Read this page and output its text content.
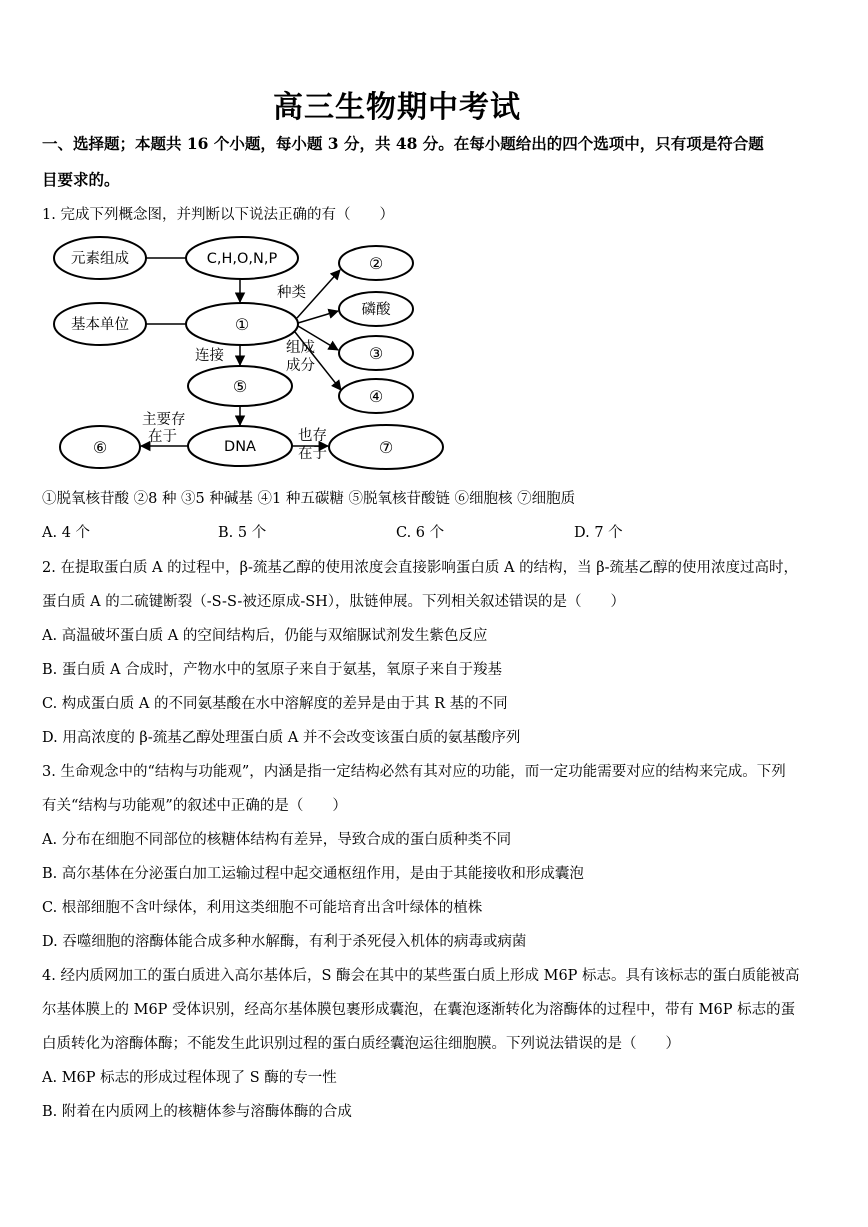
高三生物期中考试
一、选择题；本题共 16 个小题，每小题 3 分，共 48 分。在每小题给出的四个选项中，只有项是符合题
目要求的。
1. 完成下列概念图，并判断以下说法正确的有（　　）
元素组成	C,H,O,N,P
基本单位	①
②
磷酸
③
④
⑤
DNA
⑥	⑦
种类
连接	组成
成分
主要存
在于	也存
在于
①脱氧核苷酸 ②8 种 ③5 种碱基 ④1 种五碳糖 ⑤脱氧核苷酸链 ⑥细胞核 ⑦细胞质
A. 4 个	B. 5 个	C. 6 个	D. 7 个
2. 在提取蛋白质 A 的过程中，β-巯基乙醇的使用浓度会直接影响蛋白质 A 的结构，当 β-巯基乙醇的使用浓度过高时，
蛋白质 A 的二硫键断裂（-S-S-被还原成-SH），肽链伸展。下列相关叙述错误的是（　　）
A. 高温破坏蛋白质 A 的空间结构后，仍能与双缩脲试剂发生紫色反应
B. 蛋白质 A 合成时，产物水中的氢原子来自于氨基，氧原子来自于羧基
C. 构成蛋白质 A 的不同氨基酸在水中溶解度的差异是由于其 R 基的不同
D. 用高浓度的 β-巯基乙醇处理蛋白质 A 并不会改变该蛋白质的氨基酸序列
3. 生命观念中的“结构与功能观”，内涵是指一定结构必然有其对应的功能，而一定功能需要对应的结构来完成。下列
有关“结构与功能观”的叙述中正确的是（　　）
A. 分布在细胞不同部位的核糖体结构有差异，导致合成的蛋白质种类不同
B. 高尔基体在分泌蛋白加工运输过程中起交通枢纽作用，是由于其能接收和形成囊泡
C. 根部细胞不含叶绿体，利用这类细胞不可能培育出含叶绿体的植株
D. 吞噬细胞的溶酶体能合成多种水解酶，有利于杀死侵入机体的病毒或病菌
4. 经内质网加工的蛋白质进入高尔基体后，S 酶会在其中的某些蛋白质上形成 M6P 标志。具有该标志的蛋白质能被高
尔基体膜上的 M6P 受体识别，经高尔基体膜包裹形成囊泡，在囊泡逐渐转化为溶酶体的过程中，带有 M6P 标志的蛋
白质转化为溶酶体酶；不能发生此识别过程的蛋白质经囊泡运往细胞膜。下列说法错误的是（　　）
A. M6P 标志的形成过程体现了 S 酶的专一性
B. 附着在内质网上的核糖体参与溶酶体酶的合成
